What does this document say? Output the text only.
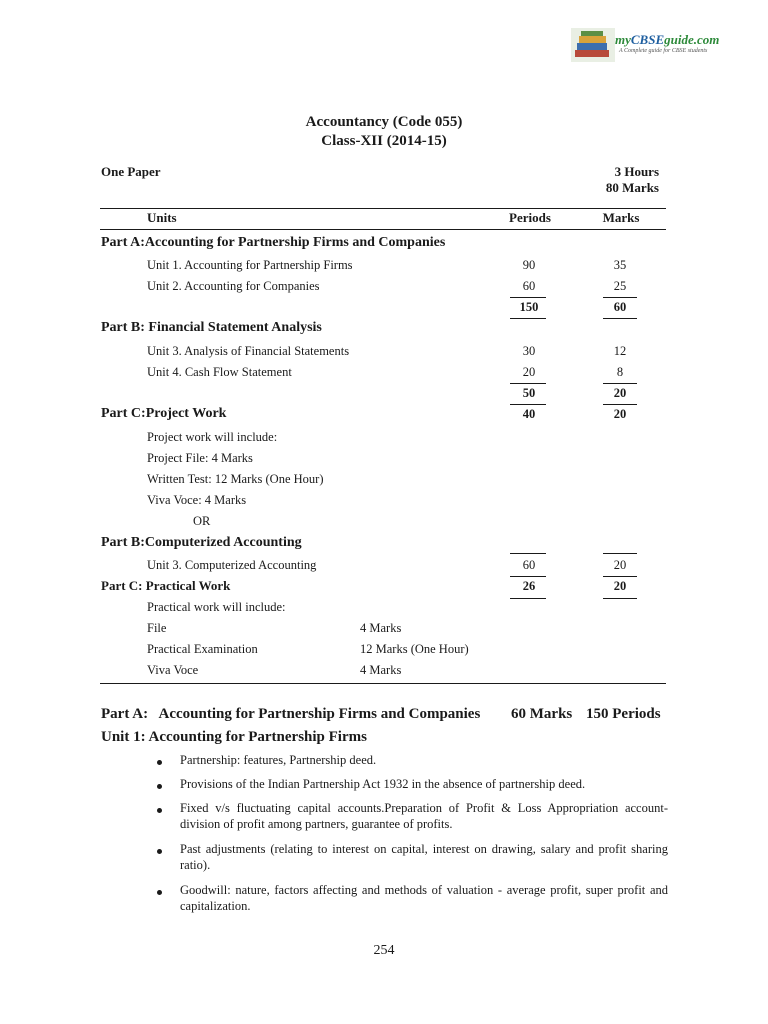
myCBSEguide.com
A Complete guide for CBSE students
Accountancy (Code 055)
Class-XII (2014-15)
One Paper	3 Hours
80 Marks
Units	Periods	Marks
Part A:Accounting for Partnership Firms and Companies
Unit 1. Accounting for Partnership Firms	90	35
Unit 2. Accounting for Companies	60	25
150	60
Part B: Financial Statement Analysis
Unit 3. Analysis of Financial Statements	30	12
Unit 4. Cash Flow Statement	20	8
50	20
Part C:Project Work	40	20
Project work will include:
Project File: 4 Marks
Written Test: 12 Marks (One Hour)
Viva Voce: 4 Marks
OR
Part B:Computerized Accounting
Unit 3. Computerized Accounting	60	20
Part C: Practical Work	26	20
Practical work will include:
File	4 Marks
Practical Examination	12 Marks (One Hour)
Viva Voce	4 Marks
Part A:   Accounting for Partnership Firms and Companies 60 Marks 150 Periods
Unit 1: Accounting for Partnership Firms
Partnership: features, Partnership deed.
Provisions of the Indian Partnership Act 1932 in the absence of partnership deed.
Fixed v/s fluctuating capital accounts.Preparation of Profit & Loss Appropriation account- division of profit among partners, guarantee of profits.
Past adjustments (relating to interest on capital, interest on drawing, salary and profit sharing ratio).
Goodwill: nature, factors affecting and methods of valuation - average profit, super profit and capitalization.
254
